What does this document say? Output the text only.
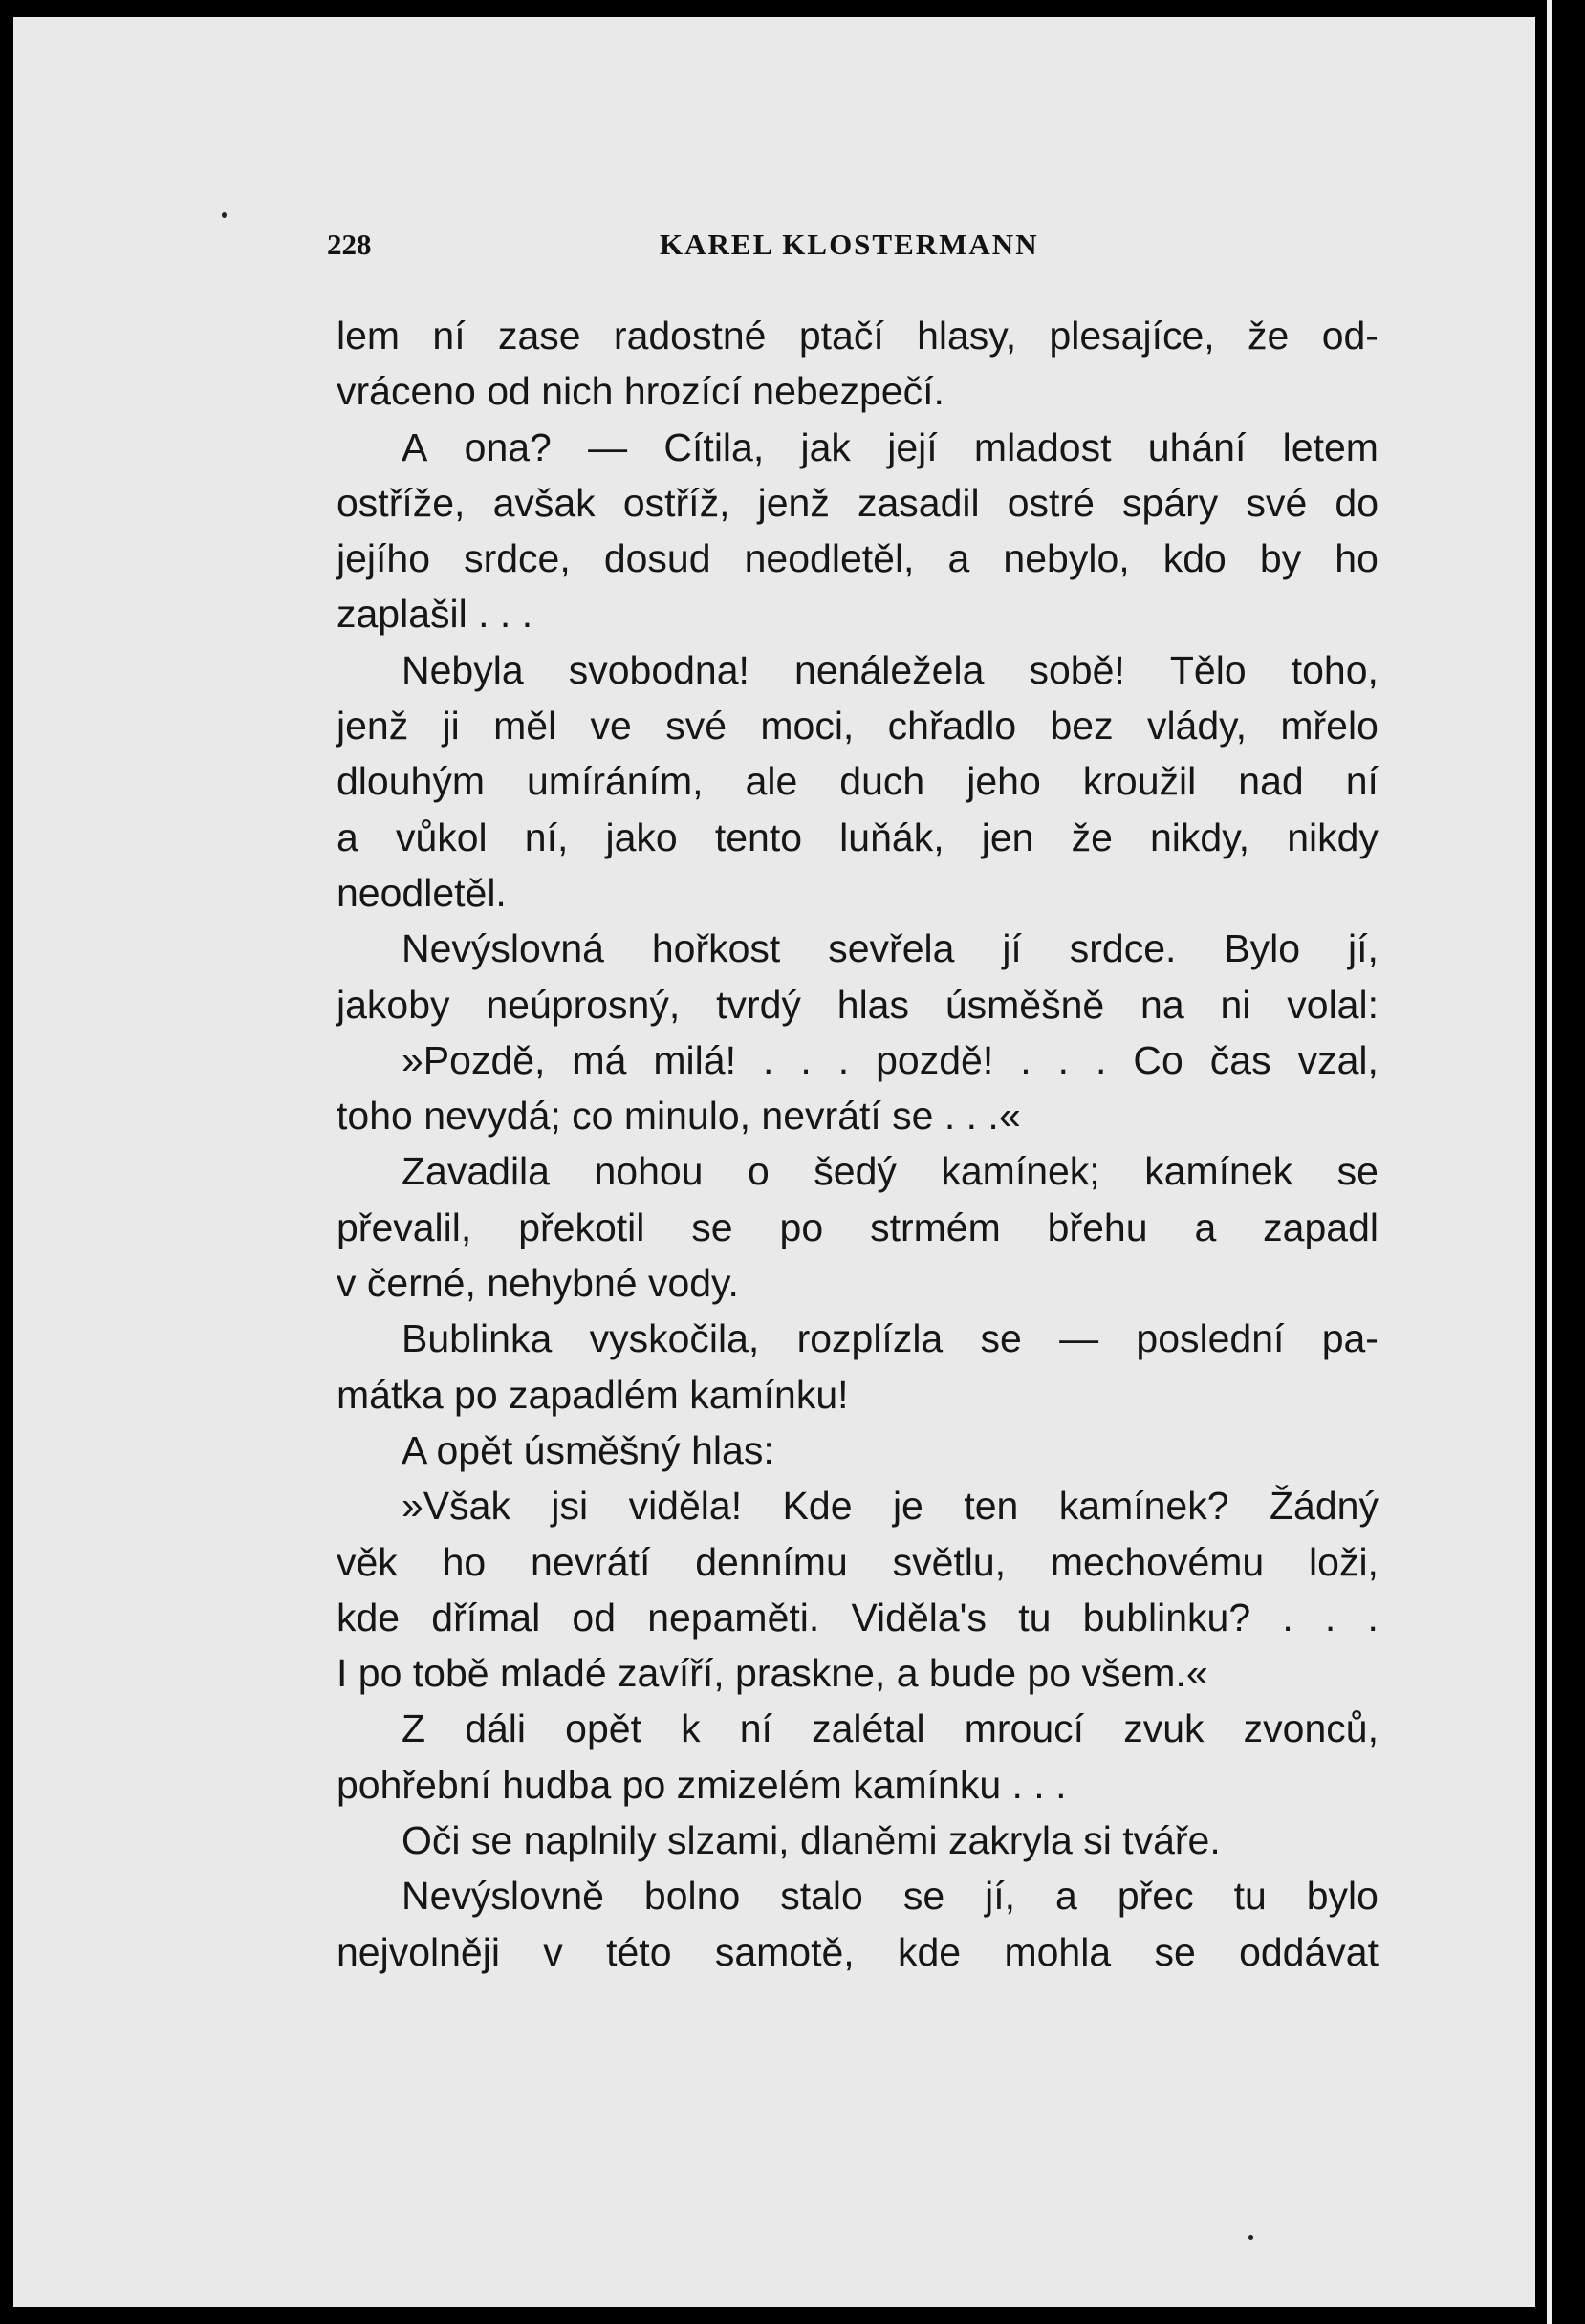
228	KAREL KLOSTERMANN
lem ní zase radostné ptačí hlasy, plesajíce, že od-
vráceno od nich hrozící nebezpečí.
A ona? — Cítila, jak její mladost uhání letem
ostříže, avšak ostříž, jenž zasadil ostré spáry své do
jejího srdce, dosud neodletěl, a nebylo, kdo by ho
zaplašil . . .
Nebyla svobodna! nenáležela sobě! Tělo toho,
jenž ji měl ve své moci, chřadlo bez vlády, mřelo
dlouhým umíráním, ale duch jeho kroužil nad ní
a vůkol ní, jako tento luňák, jen že nikdy, nikdy
neodletěl.
Nevýslovná hořkost sevřela jí srdce. Bylo jí,
jakoby neúprosný, tvrdý hlas úsměšně na ni volal:
»Pozdě, má milá! . . . pozdě! . . . Co čas vzal,
toho nevydá; co minulo, nevrátí se . . .«
Zavadila nohou o šedý kamínek; kamínek se
převalil, překotil se po strmém břehu a zapadl
v černé, nehybné vody.
Bublinka vyskočila, rozplízla se — poslední pa-
mátka po zapadlém kamínku!
A opět úsměšný hlas:
»Však jsi viděla! Kde je ten kamínek? Žádný
věk ho nevrátí dennímu světlu, mechovému loži,
kde dřímal od nepaměti. Viděla's tu bublinku? . . .
I po tobě mladé zavíří, praskne, a bude po všem.«
Z dáli opět k ní zalétal mroucí zvuk zvonců,
pohřební hudba po zmizelém kamínku . . .
Oči se naplnily slzami, dlaněmi zakryla si tváře.
Nevýslovně bolno stalo se jí, a přec tu bylo
nejvolněji v této samotě, kde mohla se oddávat
